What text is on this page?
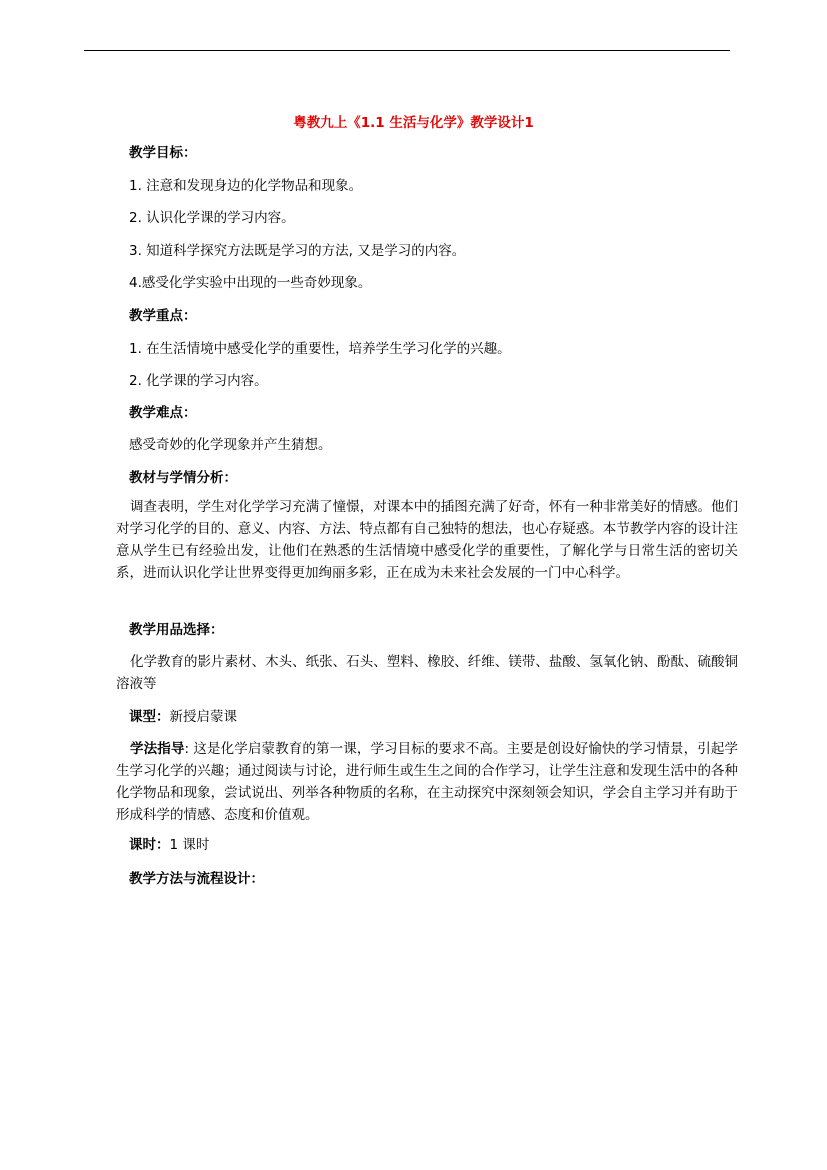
粤教九上《1.1 生活与化学》教学设计1
教学目标：
1. 注意和发现身边的化学物品和现象。
2. 认识化学课的学习内容。
3. 知道科学探究方法既是学习的方法, 又是学习的内容。
4.感受化学实验中出现的一些奇妙现象。
教学重点：
1. 在生活情境中感受化学的重要性，培养学生学习化学的兴趣。
2. 化学课的学习内容。
教学难点：
感受奇妙的化学现象并产生猜想。
教材与学情分析：
调查表明，学生对化学学习充满了憧憬，对课本中的插图充满了好奇，怀有一种非常美好的情感。他们对学习化学的目的、意义、内容、方法、特点都有自己独特的想法，也心存疑惑。本节教学内容的设计注意从学生已有经验出发，让他们在熟悉的生活情境中感受化学的重要性，了解化学与日常生活的密切关系，进而认识化学让世界变得更加绚丽多彩，正在成为未来社会发展的一门中心科学。
教学用品选择：
化学教育的影片素材、木头、纸张、石头、塑料、橡胶、纤维、镁带、盐酸、氢氧化钠、酚酞、硫酸铜溶液等
课型：新授启蒙课
学法指导: 这是化学启蒙教育的第一课，学习目标的要求不高。主要是创设好愉快的学习情景，引起学生学习化学的兴趣；通过阅读与讨论，进行师生或生生之间的合作学习，让学生注意和发现生活中的各种化学物品和现象，尝试说出、列举各种物质的名称，在主动探究中深刻领会知识，学会自主学习并有助于形成科学的情感、态度和价值观。
课时：1 课时
教学方法与流程设计：
